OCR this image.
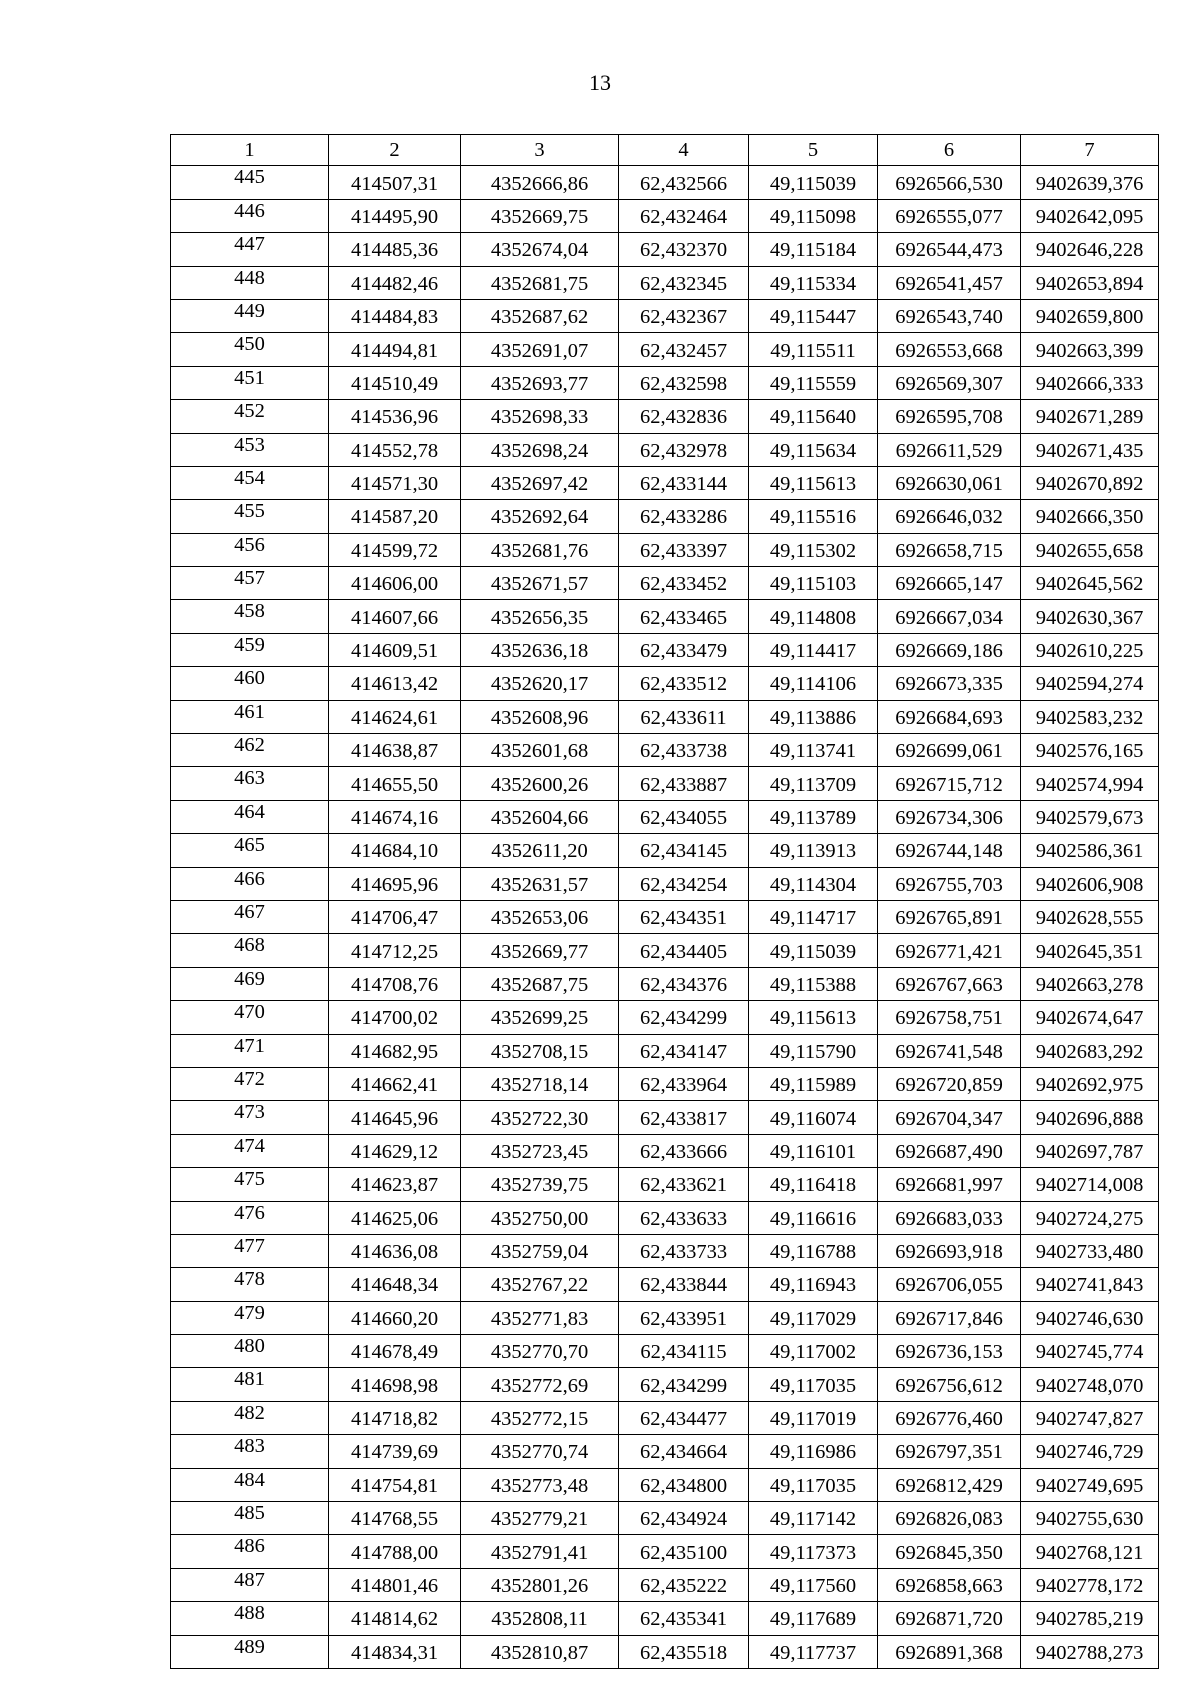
13
1	2	3	4	5	6	7
445	414507,31	4352666,86	62,432566	49,115039	6926566,530	9402639,376
446	414495,90	4352669,75	62,432464	49,115098	6926555,077	9402642,095
447	414485,36	4352674,04	62,432370	49,115184	6926544,473	9402646,228
448	414482,46	4352681,75	62,432345	49,115334	6926541,457	9402653,894
449	414484,83	4352687,62	62,432367	49,115447	6926543,740	9402659,800
450	414494,81	4352691,07	62,432457	49,115511	6926553,668	9402663,399
451	414510,49	4352693,77	62,432598	49,115559	6926569,307	9402666,333
452	414536,96	4352698,33	62,432836	49,115640	6926595,708	9402671,289
453	414552,78	4352698,24	62,432978	49,115634	6926611,529	9402671,435
454	414571,30	4352697,42	62,433144	49,115613	6926630,061	9402670,892
455	414587,20	4352692,64	62,433286	49,115516	6926646,032	9402666,350
456	414599,72	4352681,76	62,433397	49,115302	6926658,715	9402655,658
457	414606,00	4352671,57	62,433452	49,115103	6926665,147	9402645,562
458	414607,66	4352656,35	62,433465	49,114808	6926667,034	9402630,367
459	414609,51	4352636,18	62,433479	49,114417	6926669,186	9402610,225
460	414613,42	4352620,17	62,433512	49,114106	6926673,335	9402594,274
461	414624,61	4352608,96	62,433611	49,113886	6926684,693	9402583,232
462	414638,87	4352601,68	62,433738	49,113741	6926699,061	9402576,165
463	414655,50	4352600,26	62,433887	49,113709	6926715,712	9402574,994
464	414674,16	4352604,66	62,434055	49,113789	6926734,306	9402579,673
465	414684,10	4352611,20	62,434145	49,113913	6926744,148	9402586,361
466	414695,96	4352631,57	62,434254	49,114304	6926755,703	9402606,908
467	414706,47	4352653,06	62,434351	49,114717	6926765,891	9402628,555
468	414712,25	4352669,77	62,434405	49,115039	6926771,421	9402645,351
469	414708,76	4352687,75	62,434376	49,115388	6926767,663	9402663,278
470	414700,02	4352699,25	62,434299	49,115613	6926758,751	9402674,647
471	414682,95	4352708,15	62,434147	49,115790	6926741,548	9402683,292
472	414662,41	4352718,14	62,433964	49,115989	6926720,859	9402692,975
473	414645,96	4352722,30	62,433817	49,116074	6926704,347	9402696,888
474	414629,12	4352723,45	62,433666	49,116101	6926687,490	9402697,787
475	414623,87	4352739,75	62,433621	49,116418	6926681,997	9402714,008
476	414625,06	4352750,00	62,433633	49,116616	6926683,033	9402724,275
477	414636,08	4352759,04	62,433733	49,116788	6926693,918	9402733,480
478	414648,34	4352767,22	62,433844	49,116943	6926706,055	9402741,843
479	414660,20	4352771,83	62,433951	49,117029	6926717,846	9402746,630
480	414678,49	4352770,70	62,434115	49,117002	6926736,153	9402745,774
481	414698,98	4352772,69	62,434299	49,117035	6926756,612	9402748,070
482	414718,82	4352772,15	62,434477	49,117019	6926776,460	9402747,827
483	414739,69	4352770,74	62,434664	49,116986	6926797,351	9402746,729
484	414754,81	4352773,48	62,434800	49,117035	6926812,429	9402749,695
485	414768,55	4352779,21	62,434924	49,117142	6926826,083	9402755,630
486	414788,00	4352791,41	62,435100	49,117373	6926845,350	9402768,121
487	414801,46	4352801,26	62,435222	49,117560	6926858,663	9402778,172
488	414814,62	4352808,11	62,435341	49,117689	6926871,720	9402785,219
489	414834,31	4352810,87	62,435518	49,117737	6926891,368	9402788,273
